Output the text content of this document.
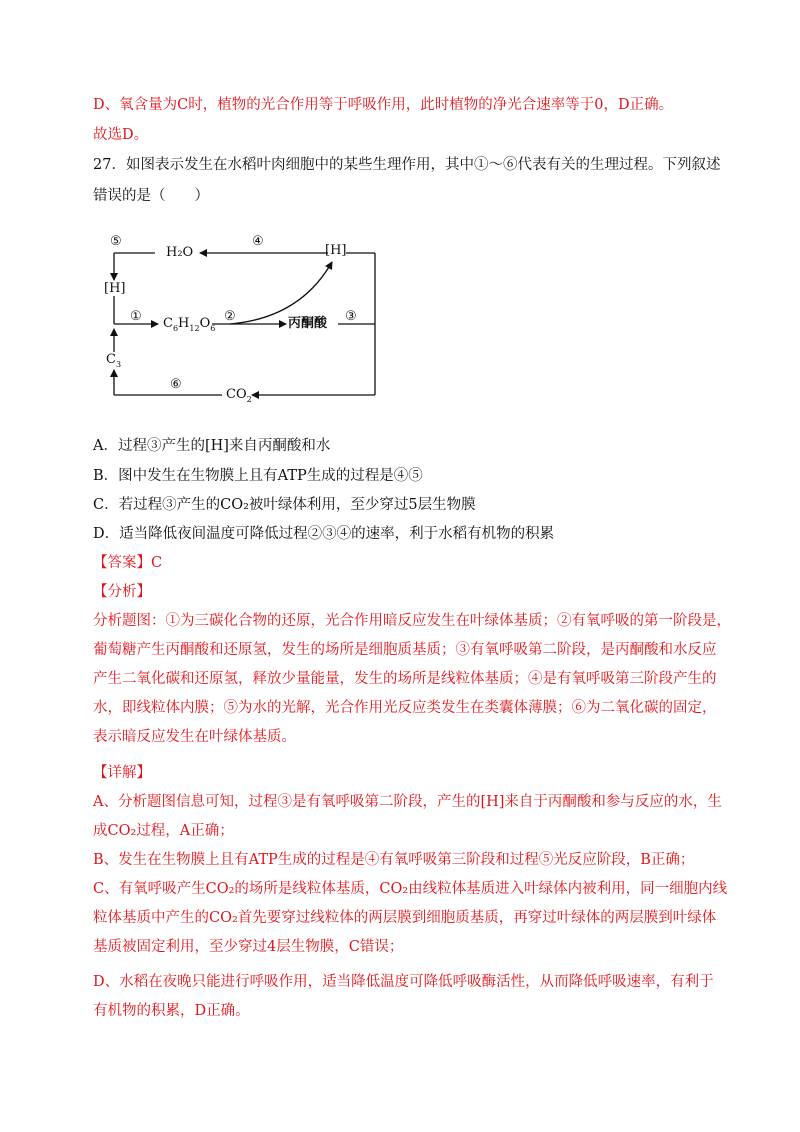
D、氧含量为C时，植物的光合作用等于呼吸作用，此时植物的净光合速率等于0，D正确。
故选D。
27．如图表示发生在水稻叶肉细胞中的某些生理作用，其中①～⑥代表有关的生理过程。下列叙述
错误的是（　　）
⑤
H₂O
④
[H]
[H]
① $C_6H_{12}O_6$
②	丙酮酸 ③
$C_3$
⑥
$CO_2$
A．过程③产生的[H]来自丙酮酸和水
B．图中发生在生物膜上且有ATP生成的过程是④⑤
C．若过程③产生的CO₂被叶绿体利用，至少穿过5层生物膜
D．适当降低夜间温度可降低过程②③④的速率，利于水稻有机物的积累
【答案】C
【分析】
分析题图：①为三碳化合物的还原，光合作用暗反应发生在叶绿体基质；②有氧呼吸的第一阶段是，
葡萄糖产生丙酮酸和还原氢，发生的场所是细胞质基质；③有氧呼吸第二阶段，是丙酮酸和水反应
产生二氧化碳和还原氢，释放少量能量，发生的场所是线粒体基质；④是有氧呼吸第三阶段产生的
水，即线粒体内膜；⑤为水的光解，光合作用光反应类发生在类囊体薄膜；⑥为二氧化碳的固定，
表示暗反应发生在叶绿体基质。
【详解】
A、分析题图信息可知，过程③是有氧呼吸第二阶段，产生的[H]来自于丙酮酸和参与反应的水，生
成CO₂过程，A正确；
B、发生在生物膜上且有ATP生成的过程是④有氧呼吸第三阶段和过程⑤光反应阶段，B正确；
C、有氧呼吸产生CO₂的场所是线粒体基质，CO₂由线粒体基质进入叶绿体内被利用，同一细胞内线
粒体基质中产生的CO₂首先要穿过线粒体的两层膜到细胞质基质，再穿过叶绿体的两层膜到叶绿体
基质被固定利用，至少穿过4层生物膜，C错误；
D、水稻在夜晚只能进行呼吸作用，适当降低温度可降低呼吸酶活性，从而降低呼吸速率，有利于
有机物的积累，D正确。
